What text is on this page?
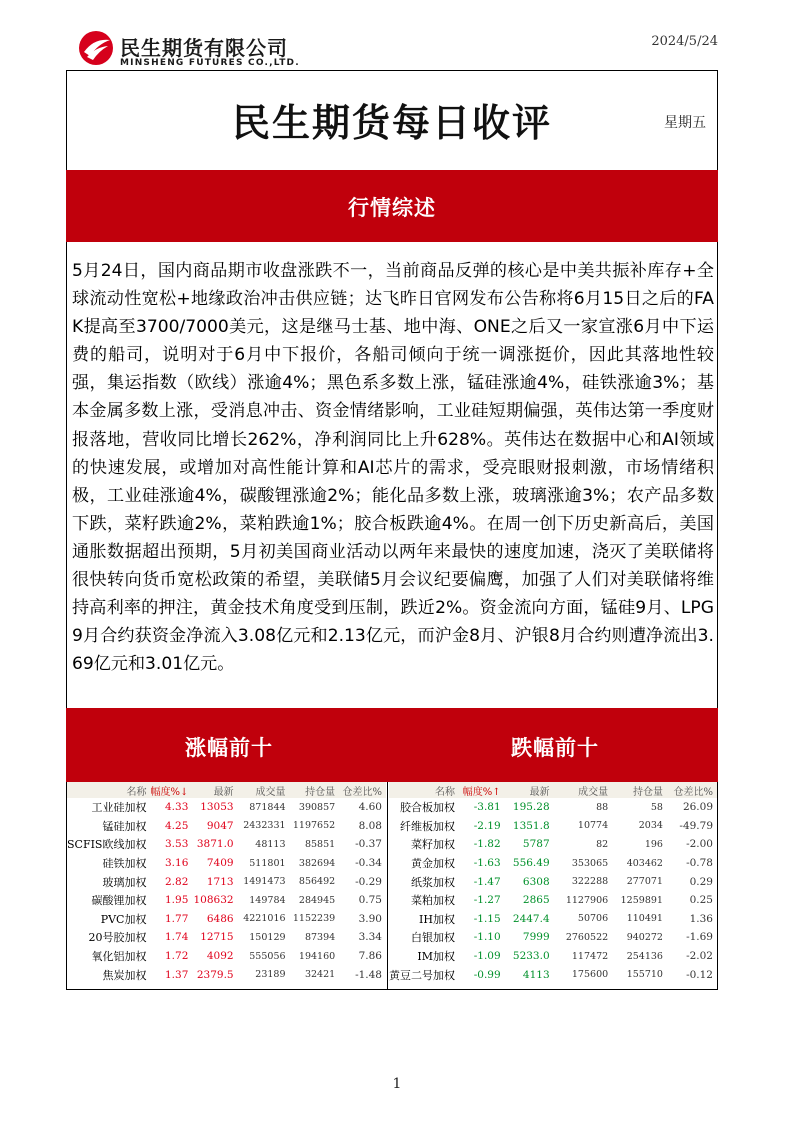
民生期货有限公司
MINSHENG FUTURES CO.,LTD.
2024/5/24
民生期货每日收评	星期五
行情综述

5月24日，国内商品期市收盘涨跌不一，当前商品反弹的核心是中美共振补库存+全球流动性宽松+地缘政治冲击供应链；达飞昨日官网发布公告称将6月15日之后的FAK提高至3700/7000美元，这是继马士基、地中海、ONE之后又一家宣涨6月中下运费的船司，说明对于6月中下报价，各船司倾向于统一调涨挺价，因此其落地性较强，集运指数（欧线）涨逾4%；黑色系多数上涨，锰硅涨逾4%，硅铁涨逾3%；基本金属多数上涨，受消息冲击、资金情绪影响，工业硅短期偏强，英伟达第一季度财报落地，营收同比增长262%，净利润同比上升628%。英伟达在数据中心和AI领域的快速发展，或增加对高性能计算和AI芯片的需求，受亮眼财报刺激，市场情绪积极，工业硅涨逾4%，碳酸锂涨逾2%；能化品多数上涨，玻璃涨逾3%；农产品多数下跌，菜籽跌逾2%，菜粕跌逾1%；胶合板跌逾4%。在周一创下历史新高后，美国通胀数据超出预期，5月初美国商业活动以两年来最快的速度加速，浇灭了美联储将很快转向货币宽松政策的希望，美联储5月会议纪要偏鹰，加强了人们对美联储将维持高利率的押注，黄金技术角度受到压制，跌近2%。资金流向方面，锰硅9月、LPG 9月合约获资金净流入3.08亿元和2.13亿元，而沪金8月、沪银8月合约则遭净流出3.69亿元和3.01亿元。

涨幅前十	跌幅前十
名称	幅度%↓	最新	成交量	持仓量	仓差比%
工业硅加权	4.33	13053	871844	390857	4.60
锰硅加权	4.25	9047	2432331	1197652	8.08
SCFIS欧线加权	3.53	3871.0	48113	85851	-0.37
硅铁加权	3.16	7409	511801	382694	-0.34
玻璃加权	2.82	1713	1491473	856492	-0.29
碳酸锂加权	1.95	108632	149784	284945	0.75
PVC加权	1.77	6486	4221016	1152239	3.90
20号胶加权	1.74	12715	150129	87394	3.34
氧化铝加权	1.72	4092	555056	194160	7.86
焦炭加权	1.37	2379.5	23189	32421	-1.48
名称	幅度%↑	最新	成交量	持仓量	仓差比%
胶合板加权	-3.81	195.28	88	58	26.09
纤维板加权	-2.19	1351.8	10774	2034	-49.79
菜籽加权	-1.82	5787	82	196	-2.00
黄金加权	-1.63	556.49	353065	403462	-0.78
纸浆加权	-1.47	6308	322288	277071	0.29
菜粕加权	-1.27	2865	1127906	1259891	0.25
IH加权	-1.15	2447.4	50706	110491	1.36
白银加权	-1.10	7999	2760522	940272	-1.69
IM加权	-1.09	5233.0	117472	254136	-2.02
黄豆二号加权	-0.99	4113	175600	155710	-0.12
1
